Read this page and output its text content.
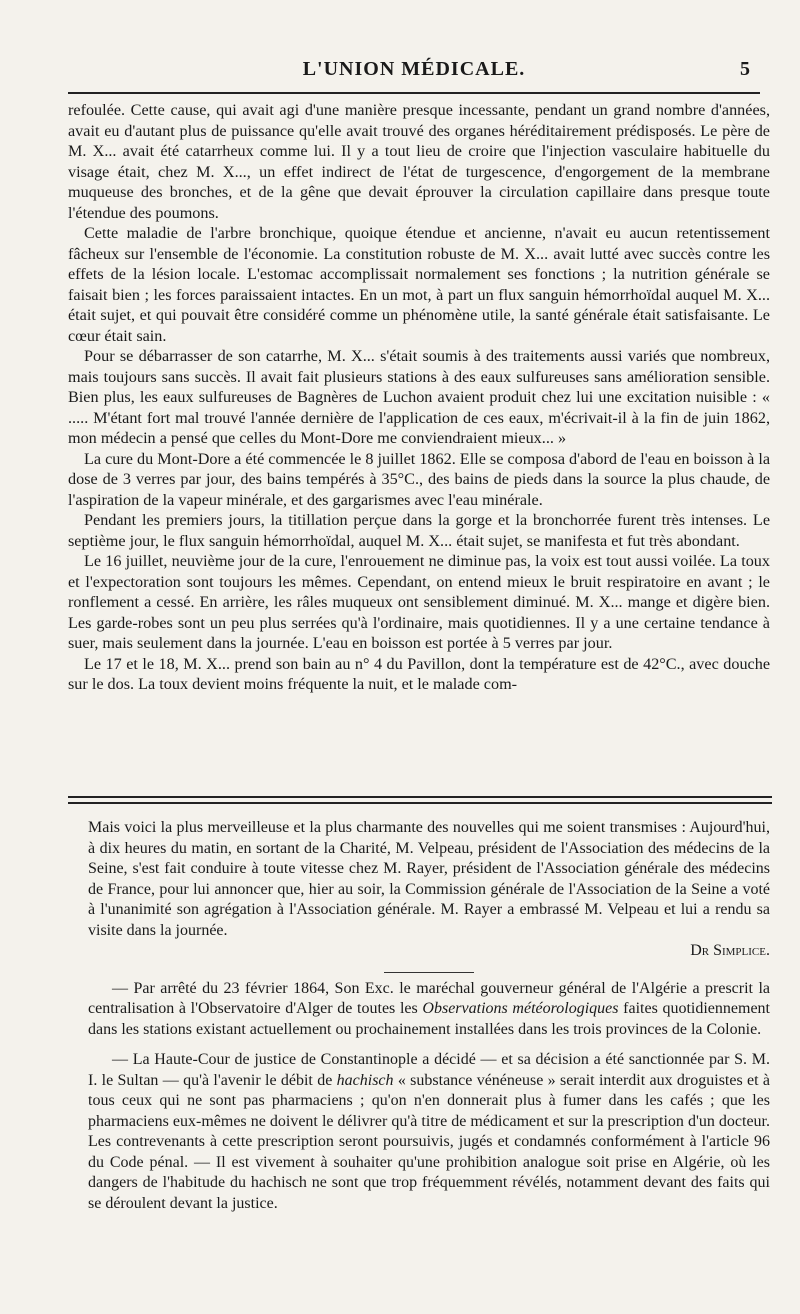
L'UNION MÉDICALE.	5

refoulée. Cette cause, qui avait agi d'une manière presque incessante, pendant un grand nombre d'années, avait eu d'autant plus de puissance qu'elle avait trouvé des organes héréditairement prédisposés. Le père de M. X... avait été catarrheux comme lui. Il y a tout lieu de croire que l'injection vasculaire habituelle du visage était, chez M. X..., un effet indirect de l'état de turgescence, d'engorgement de la membrane muqueuse des bronches, et de la gêne que devait éprouver la circulation capillaire dans presque toute l'étendue des poumons.

Cette maladie de l'arbre bronchique, quoique étendue et ancienne, n'avait eu aucun retentissement fâcheux sur l'ensemble de l'économie. La constitution robuste de M. X... avait lutté avec succès contre les effets de la lésion locale. L'estomac accomplissait normalement ses fonctions ; la nutrition générale se faisait bien ; les forces paraissaient intactes. En un mot, à part un flux sanguin hémorrhoïdal auquel M. X... était sujet, et qui pouvait être considéré comme un phénomène utile, la santé générale était satisfaisante. Le cœur était sain.

Pour se débarrasser de son catarrhe, M. X... s'était soumis à des traitements aussi variés que nombreux, mais toujours sans succès. Il avait fait plusieurs stations à des eaux sulfureuses sans amélioration sensible. Bien plus, les eaux sulfureuses de Bagnères de Luchon avaient produit chez lui une excitation nuisible : « ..... M'étant fort mal trouvé l'année dernière de l'application de ces eaux, m'écrivait-il à la fin de juin 1862, mon médecin a pensé que celles du Mont-Dore me conviendraient mieux... »

La cure du Mont-Dore a été commencée le 8 juillet 1862. Elle se composa d'abord de l'eau en boisson à la dose de 3 verres par jour, des bains tempérés à 35°C., des bains de pieds dans la source la plus chaude, de l'aspiration de la vapeur minérale, et des gargarismes avec l'eau minérale.

Pendant les premiers jours, la titillation perçue dans la gorge et la bronchorrée furent très intenses. Le septième jour, le flux sanguin hémorrhoïdal, auquel M. X... était sujet, se manifesta et fut très abondant.

Le 16 juillet, neuvième jour de la cure, l'enrouement ne diminue pas, la voix est tout aussi voilée. La toux et l'expectoration sont toujours les mêmes. Cependant, on entend mieux le bruit respiratoire en avant ; le ronflement a cessé. En arrière, les râles muqueux ont sensiblement diminué. M. X... mange et digère bien. Les garde-robes sont un peu plus serrées qu'à l'ordinaire, mais quotidiennes. Il y a une certaine tendance à suer, mais seulement dans la journée. L'eau en boisson est portée à 5 verres par jour.

Le 17 et le 18, M. X... prend son bain au n° 4 du Pavillon, dont la température est de 42°C., avec douche sur le dos. La toux devient moins fréquente la nuit, et le malade com-

Mais voici la plus merveilleuse et la plus charmante des nouvelles qui me soient transmises : Aujourd'hui, à dix heures du matin, en sortant de la Charité, M. Velpeau, président de l'Association des médecins de la Seine, s'est fait conduire à toute vitesse chez M. Rayer, président de l'Association générale des médecins de France, pour lui annoncer que, hier au soir, la Commission générale de l'Association de la Seine a voté à l'unanimité son agrégation à l'Association générale. M. Rayer a embrassé M. Velpeau et lui a rendu sa visite dans la journée.

Dr Simplice.

— Par arrêté du 23 février 1864, Son Exc. le maréchal gouverneur général de l'Algérie a prescrit la centralisation à l'Observatoire d'Alger de toutes les Observations météorologiques faites quotidiennement dans les stations existant actuellement ou prochainement installées dans les trois provinces de la Colonie.

— La Haute-Cour de justice de Constantinople a décidé — et sa décision a été sanctionnée par S. M. I. le Sultan — qu'à l'avenir le débit de hachisch « substance vénéneuse » serait interdit aux droguistes et à tous ceux qui ne sont pas pharmaciens ; qu'on n'en donnerait plus à fumer dans les cafés ; que les pharmaciens eux-mêmes ne doivent le délivrer qu'à titre de médicament et sur la prescription d'un docteur. Les contrevenants à cette prescription seront poursuivis, jugés et condamnés conformément à l'article 96 du Code pénal. — Il est vivement à souhaiter qu'une prohibition analogue soit prise en Algérie, où les dangers de l'habitude du hachisch ne sont que trop fréquemment révélés, notamment devant des faits qui se déroulent devant la justice.
